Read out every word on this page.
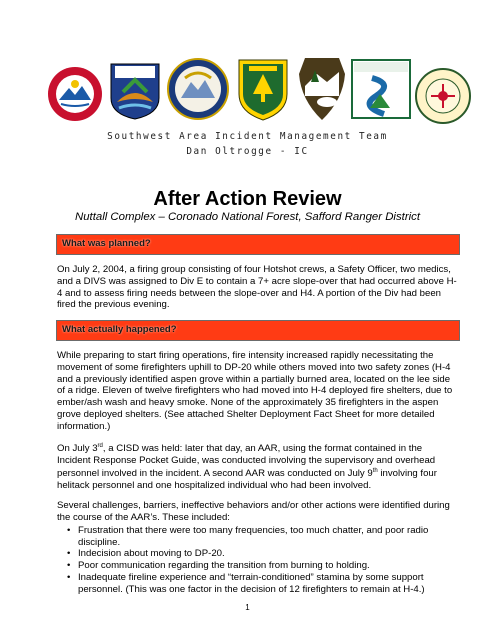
Southwest Area Incident Management Team
Dan Oltrogge - IC
After Action Review
Nuttall Complex – Coronado National Forest, Safford Ranger District
What was planned?

On July 2, 2004, a firing group consisting of four Hotshot crews, a Safety Officer, two medics, and a DIVS was assigned to Div E to contain a 7+ acre slope-over that had occurred above H-4 and to assess firing needs between the slope-over and H4. A portion of the Div had been fired the previous evening.

What actually happened?

While preparing to start firing operations, fire intensity increased rapidly necessitating the movement of some firefighters uphill to DP-20 while others moved into two safety zones (H-4 and a previously identified aspen grove within a partially burned area, located on the lee side of a ridge. Eleven of twelve firefighters who had moved into H-4 deployed fire shelters, due to ember/ash wash and heavy smoke. None of the approximately 35 firefighters in the aspen grove deployed shelters. (See attached Shelter Deployment Fact Sheet for more detailed information.)

On July 3rd, a CISD was held: later that day, an AAR, using the format contained in the Incident Response Pocket Guide, was conducted involving the supervisory and overhead personnel involved in the incident. A second AAR was conducted on July 9th involving four helitack personnel and one hospitalized individual who had been involved.

Several challenges, barriers, ineffective behaviors and/or other actions were identified during the course of the AAR’s. These included:

• Frustration that there were too many frequencies, too much chatter, and poor radio discipline.
• Indecision about moving to DP-20.
• Poor communication regarding the transition from burning to holding.
• Inadequate fireline experience and “terrain-conditioned” stamina by some support personnel. (This was one factor in the decision of 12 firefighters to remain at H-4.)
1
